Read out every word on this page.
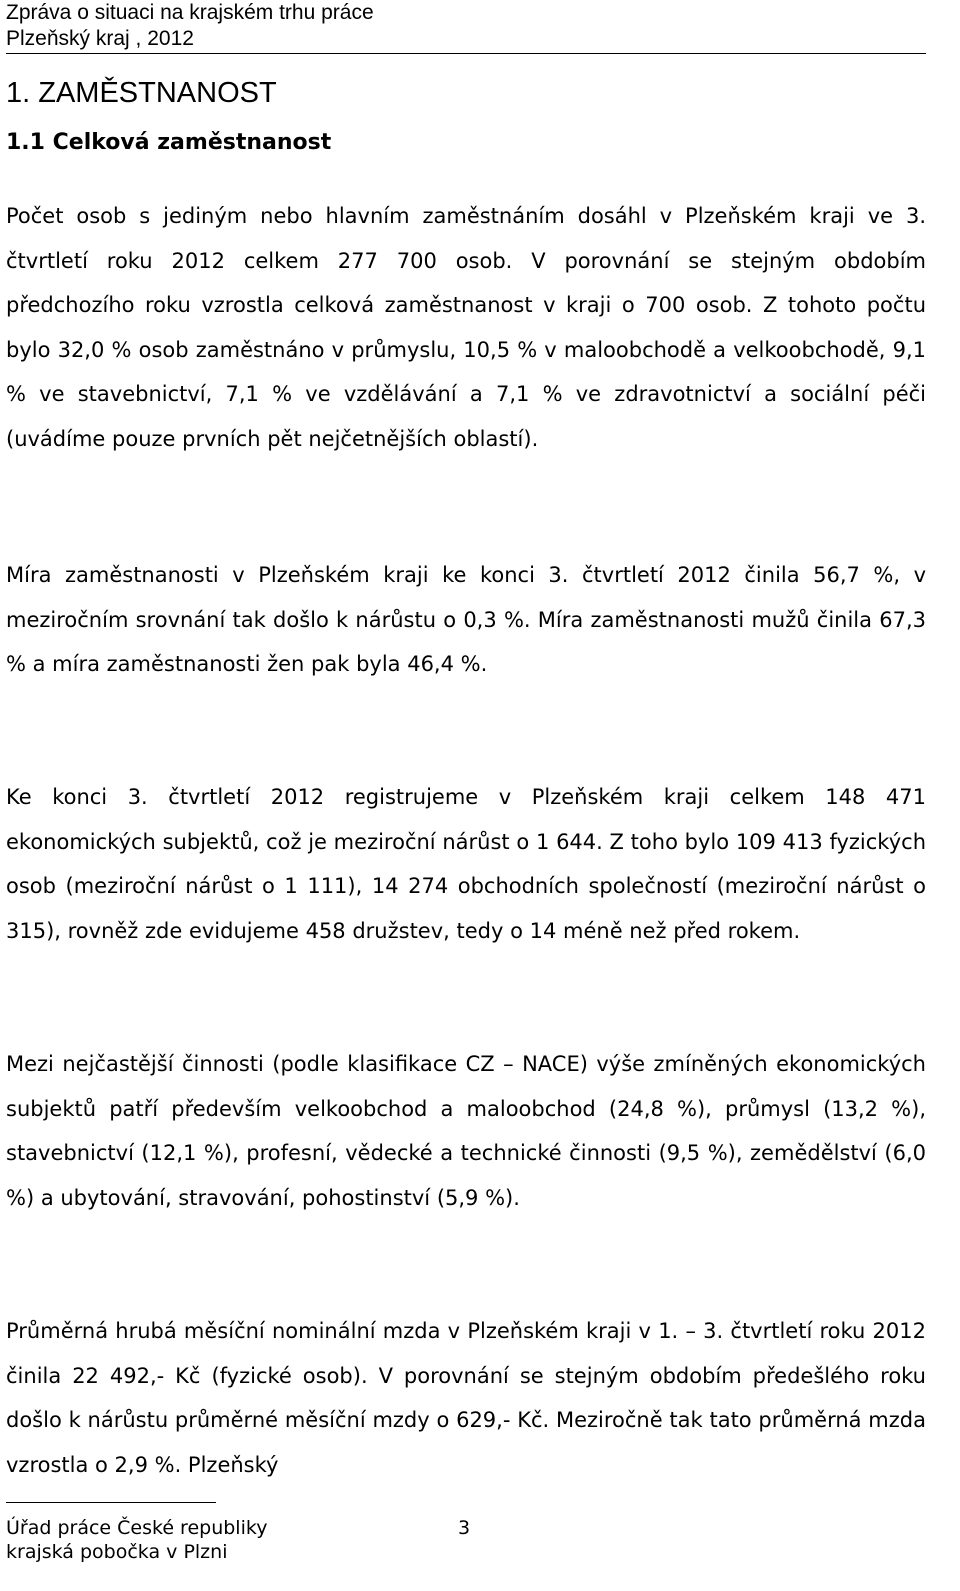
Zpráva o situaci na krajském trhu práce
Plzeňský kraj , 2012
1. ZAMĚSTNANOST
1.1 Celková zaměstnanost

Počet osob s jediným nebo hlavním zaměstnáním dosáhl v Plzeňském kraji ve 3. čtvrtletí roku 2012 celkem 277 700 osob. V porovnání se stejným obdobím předchozího roku vzrostla celková zaměstnanost v kraji o 700 osob. Z tohoto počtu bylo 32,0 % osob zaměstnáno v průmyslu, 10,5 % v maloobchodě a velkoobchodě, 9,1 % ve stavebnictví, 7,1 % ve vzdělávání a 7,1 % ve zdravotnictví a sociální péči (uvádíme pouze prvních pět nejčetnějších oblastí).

Míra zaměstnanosti v Plzeňském kraji ke konci 3. čtvrtletí 2012 činila 56,7 %, v meziročním srovnání tak došlo k nárůstu o 0,3 %. Míra zaměstnanosti mužů činila 67,3 % a míra zaměstnanosti žen pak byla 46,4 %.

Ke konci 3. čtvrtletí 2012 registrujeme v Plzeňském kraji celkem 148 471 ekonomických subjektů, což je meziroční nárůst o 1 644. Z toho bylo 109 413 fyzických osob (meziroční nárůst o 1 111), 14 274 obchodních společností (meziroční nárůst o 315), rovněž zde evidujeme 458 družstev, tedy o 14 méně než před rokem.

Mezi nejčastější činnosti (podle klasifikace CZ – NACE) výše zmíněných ekonomických subjektů patří především velkoobchod a maloobchod (24,8 %), průmysl (13,2 %), stavebnictví (12,1 %), profesní, vědecké a technické činnosti (9,5 %), zemědělství (6,0 %) a ubytování, stravování, pohostinství (5,9 %).

Průměrná hrubá měsíční nominální mzda v Plzeňském kraji v 1. – 3. čtvrtletí roku 2012 činila 22 492,- Kč (fyzické osob). V porovnání se stejným obdobím předešlého roku došlo k nárůstu průměrné měsíční mzdy o 629,- Kč. Meziročně tak tato průměrná mzda vzrostla o 2,9 %. Plzeňský

Úřad práce České republiky
krajská pobočka v Plzni
3
